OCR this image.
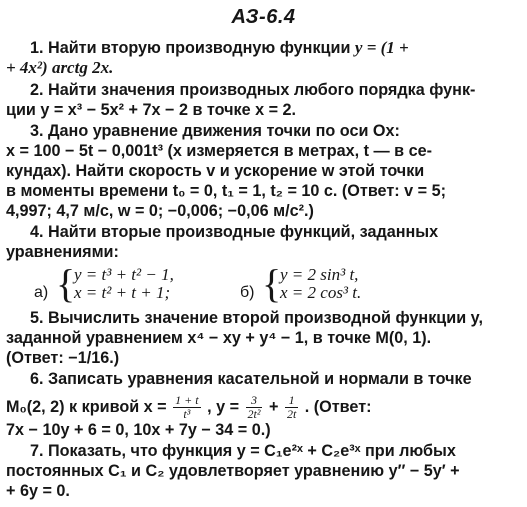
АЗ-6.4
1. Найти вторую производную функции y = (1 +
+ 4x²) arctg 2x.
2. Найти значения производных любого порядка функ-
ции y = x³ − 5x² + 7x − 2 в точке x = 2.
3. Дано уравнение движения точки по оси Ox:
x = 100 − 5t − 0,001t³ (x измеряется в метрах, t — в се-
кундах). Найти скорость v и ускорение w этой точки
в моменты времени t₀ = 0, t₁ = 1, t₂ = 10 с. (Ответ: v = 5;
4,997; 4,7 м/с, w = 0; −0,006; −0,06 м/с².)
4. Найти вторые производные функций, заданных
уравнениями:
а) {
y = t³ + t² − 1,
x = t² + t + 1;	б) {
y = 2 sin³ t,
x = 2 cos³ t.
5. Вычислить значение второй производной функции y,
заданной уравнением x⁴ − xy + y⁴ − 1, в точке M(0, 1).
(Ответ: −1/16.)
6. Записать уравнения касательной и нормали в точке
M₀(2, 2) к кривой $x = \frac{1 + t}{\text{t³}}$ , $y = \frac{3}{\text{2t²}} + \frac{1}{2t}$ . (Ответ:
7x − 10y + 6 = 0, 10x + 7y − 34 = 0.)
7. Показать, что функция y = C₁e²ˣ + C₂e³ˣ при любых
постоянных C₁ и C₂ удовлетворяет уравнению y″ − 5y′ +
+ 6y = 0.
